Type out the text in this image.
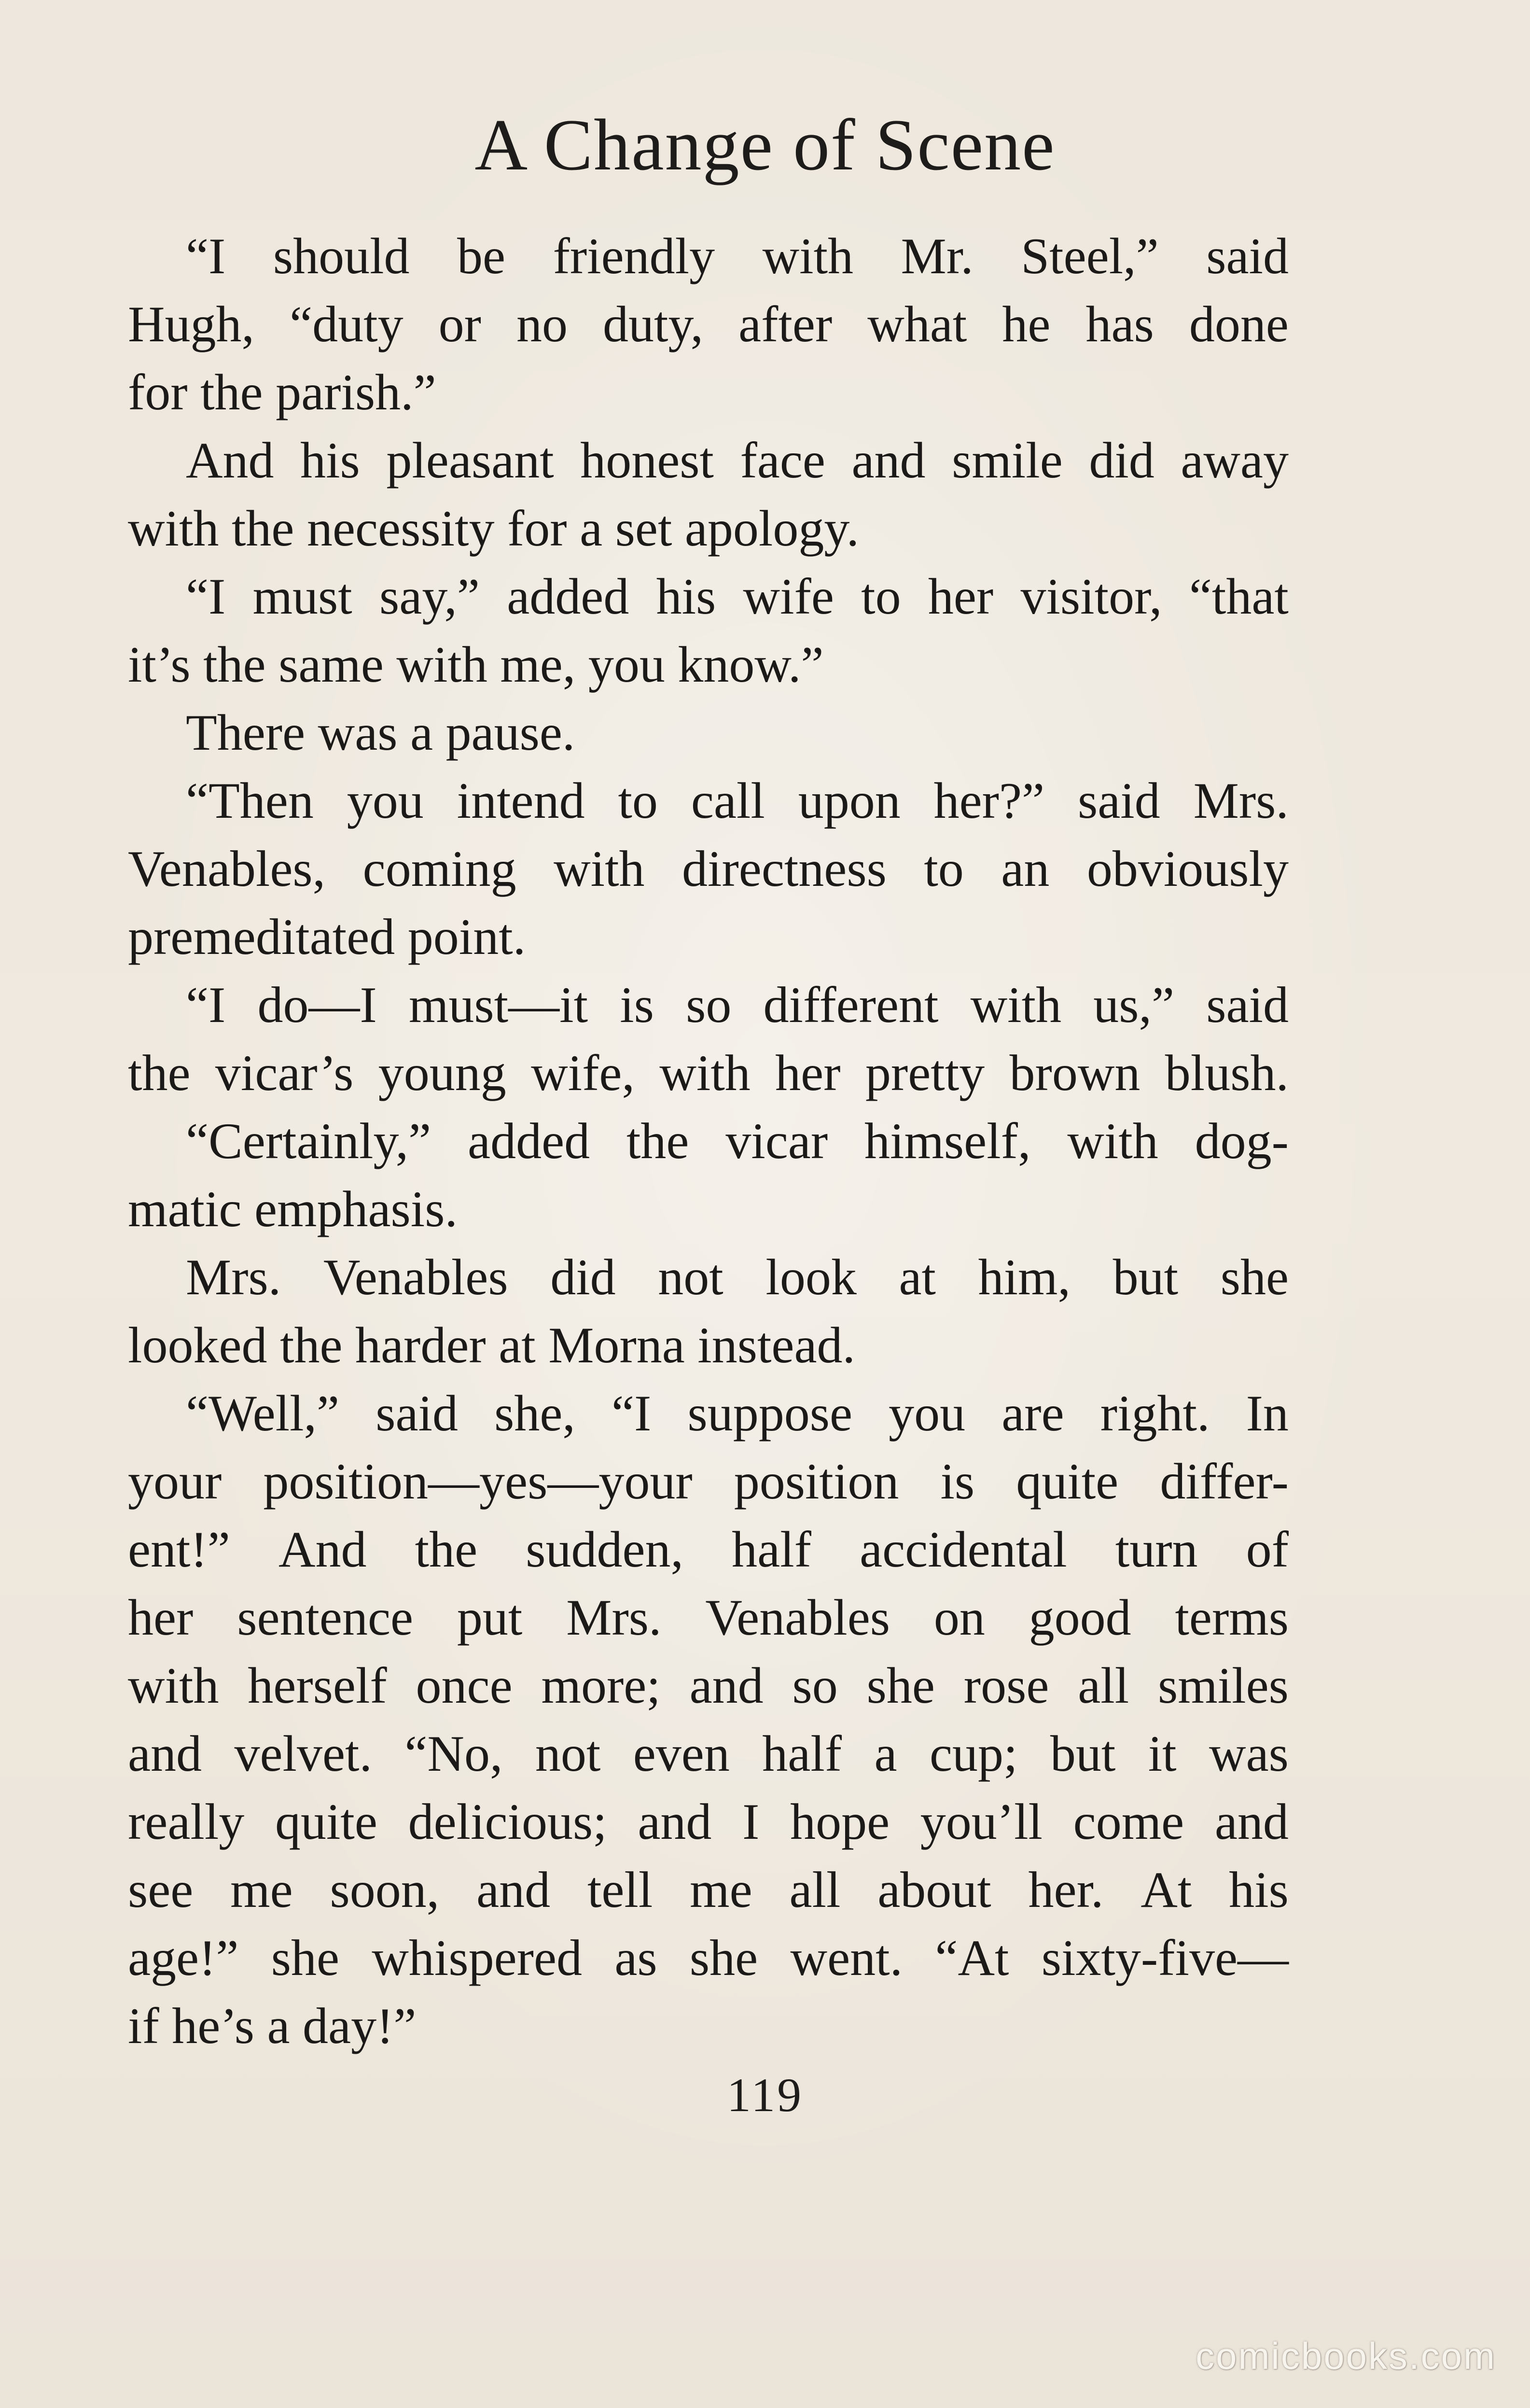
A Change of Scene
“I should be friendly with Mr. Steel,” said
Hugh, “duty or no duty, after what he has done
for the parish.”
And his pleasant honest face and smile did away
with the necessity for a set apology.
“I must say,” added his wife to her visitor, “that
it’s the same with me, you know.”
There was a pause.
“Then you intend to call upon her?” said Mrs.
Venables, coming with directness to an obviously
premeditated point.
“I do—I must—it is so different with us,” said
the vicar’s young wife, with her pretty brown blush.
“Certainly,” added the vicar himself, with dog-
matic emphasis.
Mrs. Venables did not look at him, but she
looked the harder at Morna instead.
“Well,” said she, “I suppose you are right. In
your position—yes—your position is quite differ-
ent!” And the sudden, half accidental turn of
her sentence put Mrs. Venables on good terms
with herself once more; and so she rose all smiles
and velvet. “No, not even half a cup; but it was
really quite delicious; and I hope you’ll come and
see me soon, and tell me all about her. At his
age!” she whispered as she went. “At sixty-five—
if he’s a day!”
119
comicbooks.com
